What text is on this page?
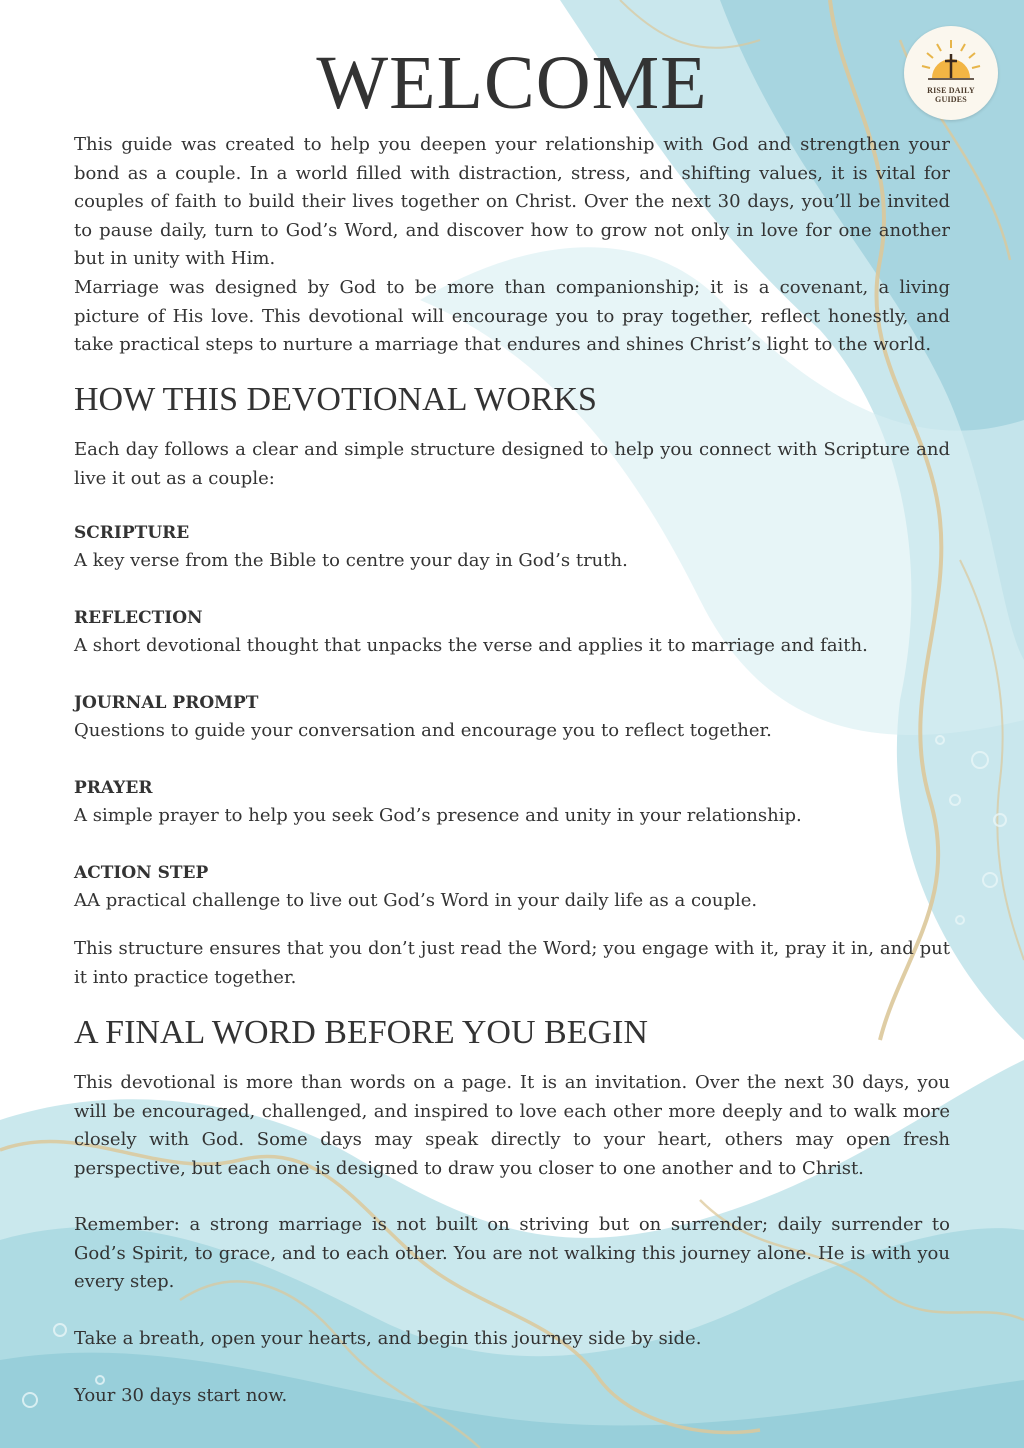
RISE DAILY
GUIDES
WELCOME

This guide was created to help you deepen your relationship with God and strengthen your bond as a couple. In a world filled with distraction, stress, and shifting values, it is vital for couples of faith to build their lives together on Christ. Over the next 30 days, you’ll be invited to pause daily, turn to God’s Word, and discover how to grow not only in love for one another but in unity with Him.

Marriage was designed by God to be more than companionship; it is a covenant, a living picture of His love. This devotional will encourage you to pray together, reflect honestly, and take practical steps to nurture a marriage that endures and shines Christ’s light to the world.

HOW THIS DEVOTIONAL WORKS

Each day follows a clear and simple structure designed to help you connect with Scripture and live it out as a couple:

SCRIPTURE
A key verse from the Bible to centre your day in God’s truth.
REFLECTION
A short devotional thought that unpacks the verse and applies it to marriage and faith.
JOURNAL PROMPT
Questions to guide your conversation and encourage you to reflect together.
PRAYER
A simple prayer to help you seek God’s presence and unity in your relationship.
ACTION STEP
AA practical challenge to live out God’s Word in your daily life as a couple.

This structure ensures that you don’t just read the Word; you engage with it, pray it in, and put it into practice together.

A FINAL WORD BEFORE YOU BEGIN

This devotional is more than words on a page. It is an invitation. Over the next 30 days, you will be encouraged, challenged, and inspired to love each other more deeply and to walk more closely with God. Some days may speak directly to your heart, others may open fresh perspective, but each one is designed to draw you closer to one another and to Christ.

Remember: a strong marriage is not built on striving but on surrender; daily surrender to God’s Spirit, to grace, and to each other. You are not walking this journey alone. He is with you every step.

Take a breath, open your hearts, and begin this journey side by side.

Your 30 days start now.
